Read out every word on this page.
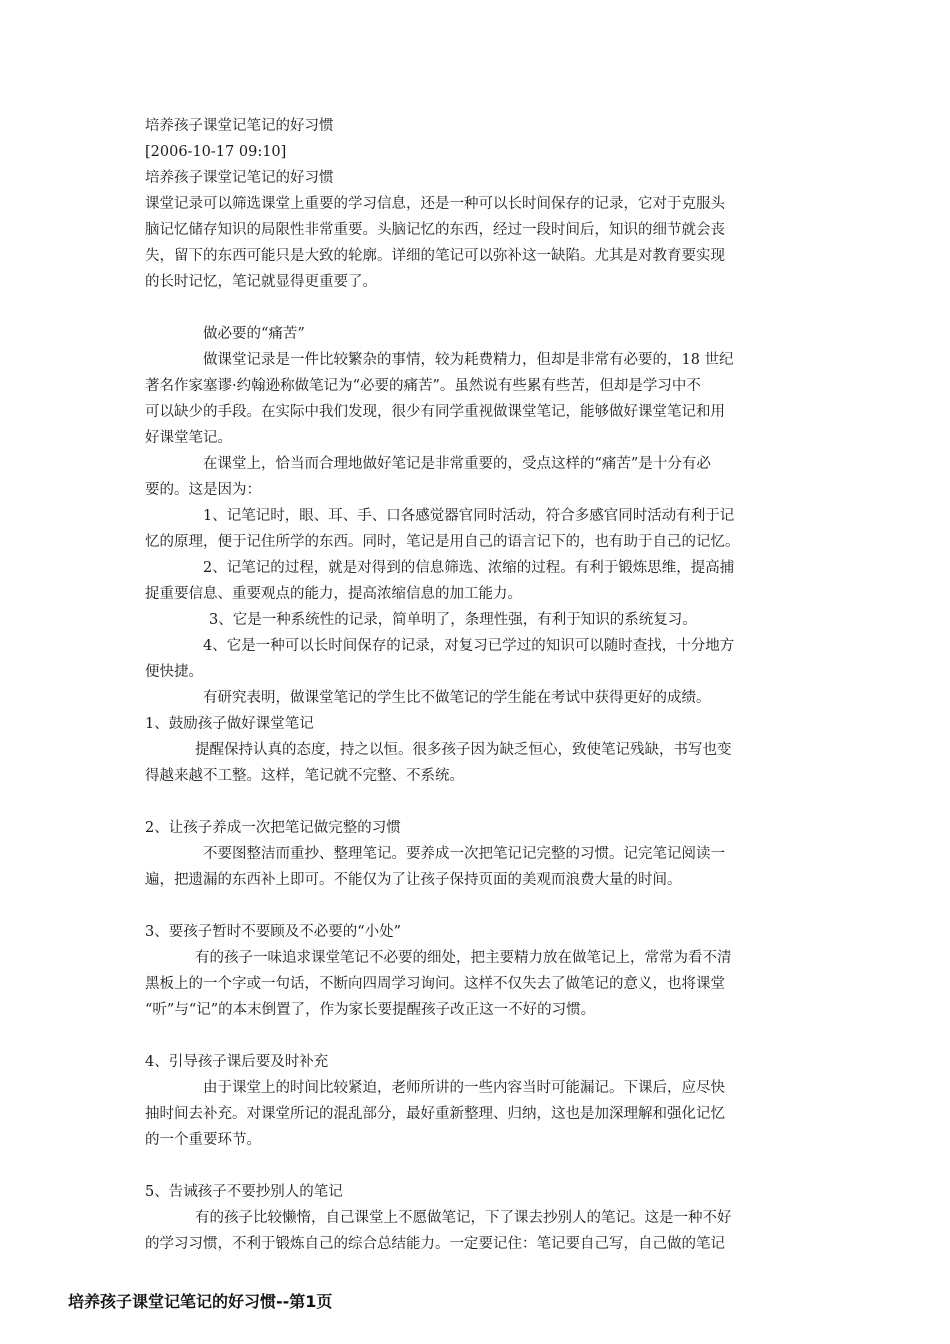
培养孩子课堂记笔记的好习惯
[2006-10-17 09:10]
培养孩子课堂记笔记的好习惯
课堂记录可以筛选课堂上重要的学习信息，还是一种可以长时间保存的记录，它对于克服头
脑记忆储存知识的局限性非常重要。头脑记忆的东西，经过一段时间后，知识的细节就会丧
失，留下的东西可能只是大致的轮廓。详细的笔记可以弥补这一缺陷。尤其是对教育要实现
的长时记忆，笔记就显得更重要了。
做必要的“痛苦”
做课堂记录是一件比较繁杂的事情，较为耗费精力，但却是非常有必要的，18 世纪
著名作家塞谬·约翰逊称做笔记为“必要的痛苦”。虽然说有些累有些苦，但却是学习中不
可以缺少的手段。在实际中我们发现，很少有同学重视做课堂笔记，能够做好课堂笔记和用
好课堂笔记。
在课堂上，恰当而合理地做好笔记是非常重要的，受点这样的“痛苦”是十分有必
要的。这是因为：
1、记笔记时，眼、耳、手、口各感觉器官同时活动，符合多感官同时活动有利于记
忆的原理，便于记住所学的东西。同时，笔记是用自己的语言记下的，也有助于自己的记忆。
2、记笔记的过程，就是对得到的信息筛选、浓缩的过程。有利于锻炼思维，提高捕
捉重要信息、重要观点的能力，提高浓缩信息的加工能力。
3、它是一种系统性的记录，简单明了，条理性强，有利于知识的系统复习。
4、它是一种可以长时间保存的记录，对复习已学过的知识可以随时查找，十分地方
便快捷。
有研究表明，做课堂笔记的学生比不做笔记的学生能在考试中获得更好的成绩。
1、鼓励孩子做好课堂笔记
提醒保持认真的态度，持之以恒。很多孩子因为缺乏恒心，致使笔记残缺，书写也变
得越来越不工整。这样，笔记就不完整、不系统。
2、让孩子养成一次把笔记做完整的习惯
不要图整洁而重抄、整理笔记。要养成一次把笔记记完整的习惯。记完笔记阅读一
遍，把遗漏的东西补上即可。不能仅为了让孩子保持页面的美观而浪费大量的时间。
3、要孩子暂时不要顾及不必要的“小处”
有的孩子一味追求课堂笔记不必要的细处，把主要精力放在做笔记上，常常为看不清
黑板上的一个字或一句话，不断向四周学习询问。这样不仅失去了做笔记的意义，也将课堂
“听”与“记”的本末倒置了，作为家长要提醒孩子改正这一不好的习惯。
4、引导孩子课后要及时补充
由于课堂上的时间比较紧迫，老师所讲的一些内容当时可能漏记。下课后，应尽快
抽时间去补充。对课堂所记的混乱部分，最好重新整理、归纳，这也是加深理解和强化记忆
的一个重要环节。
5、告诫孩子不要抄别人的笔记
有的孩子比较懒惰，自己课堂上不愿做笔记，下了课去抄别人的笔记。这是一种不好
的学习习惯，不利于锻炼自己的综合总结能力。一定要记住：笔记要自己写，自己做的笔记
培养孩子课堂记笔记的好习惯--第1页
